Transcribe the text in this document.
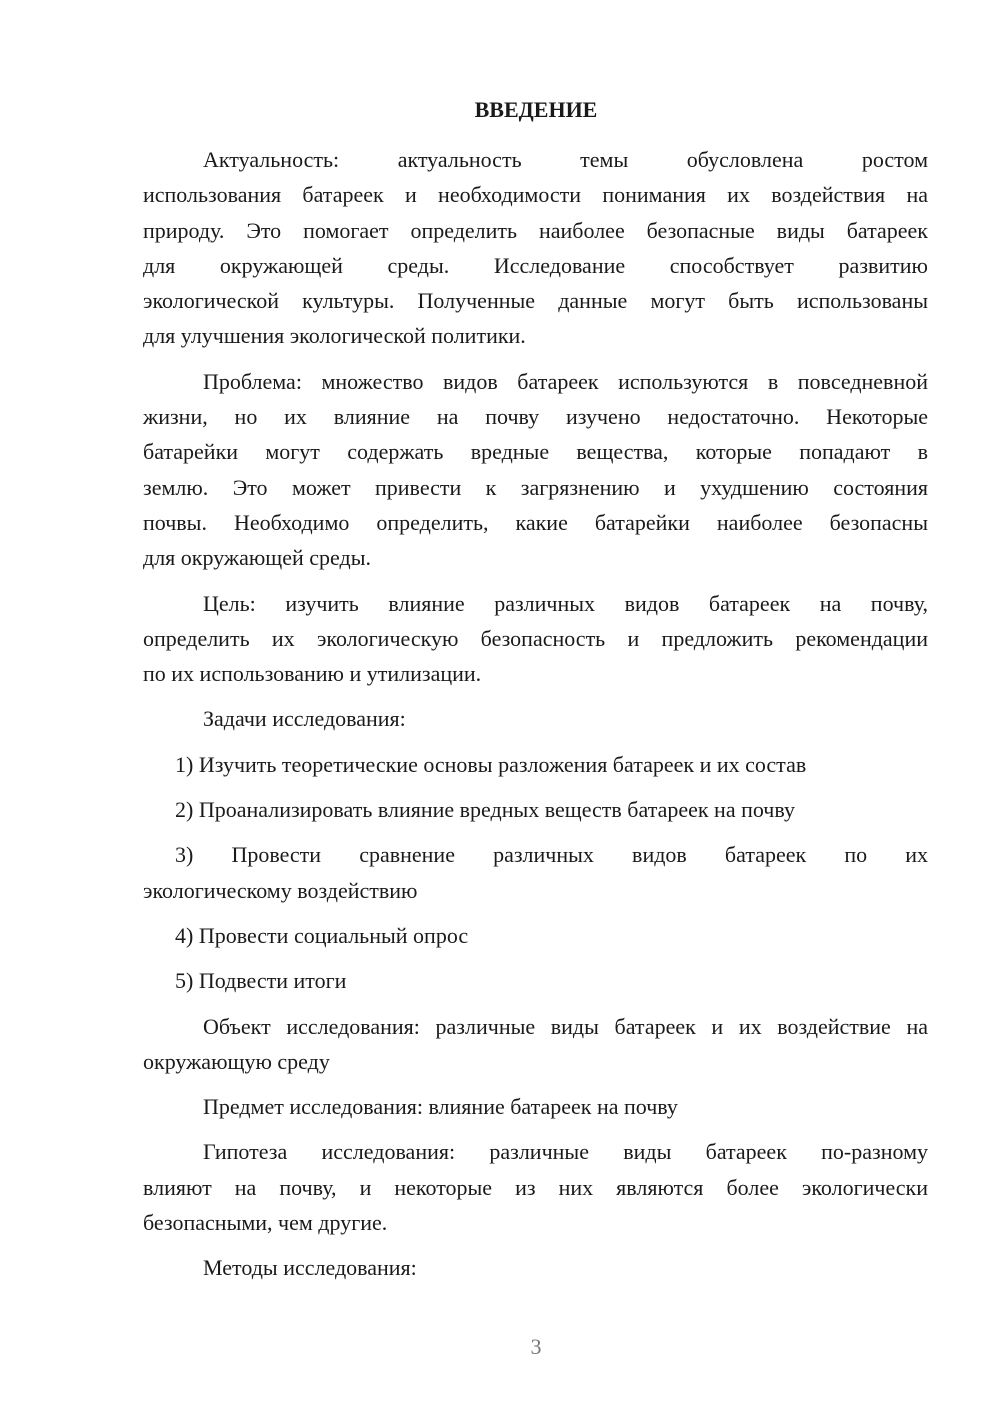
ВВЕДЕНИЕ
Актуальность: актуальность темы обусловлена ростом
использования батареек и необходимости понимания их воздействия на
природу. Это помогает определить наиболее безопасные виды батареек
для окружающей среды. Исследование способствует развитию
экологической культуры. Полученные данные могут быть использованы
для улучшения экологической политики.
Проблема: множество видов батареек используются в повседневной
жизни, но их влияние на почву изучено недостаточно. Некоторые
батарейки могут содержать вредные вещества, которые попадают в
землю. Это может привести к загрязнению и ухудшению состояния
почвы. Необходимо определить, какие батарейки наиболее безопасны
для окружающей среды.
Цель: изучить влияние различных видов батареек на почву,
определить их экологическую безопасность и предложить рекомендации
по их использованию и утилизации.
Задачи исследования:
1) Изучить теоретические основы разложения батареек и их состав
2) Проанализировать влияние вредных веществ батареек на почву
3) Провести сравнение различных видов батареек по их
экологическому воздействию
4) Провести социальный опрос
5) Подвести итоги
Объект исследования: различные виды батареек и их воздействие на
окружающую среду
Предмет исследования: влияние батареек на почву
Гипотеза исследования: различные виды батареек по-разному
влияют на почву, и некоторые из них являются более экологически
безопасными, чем другие.
Методы исследования:
3
